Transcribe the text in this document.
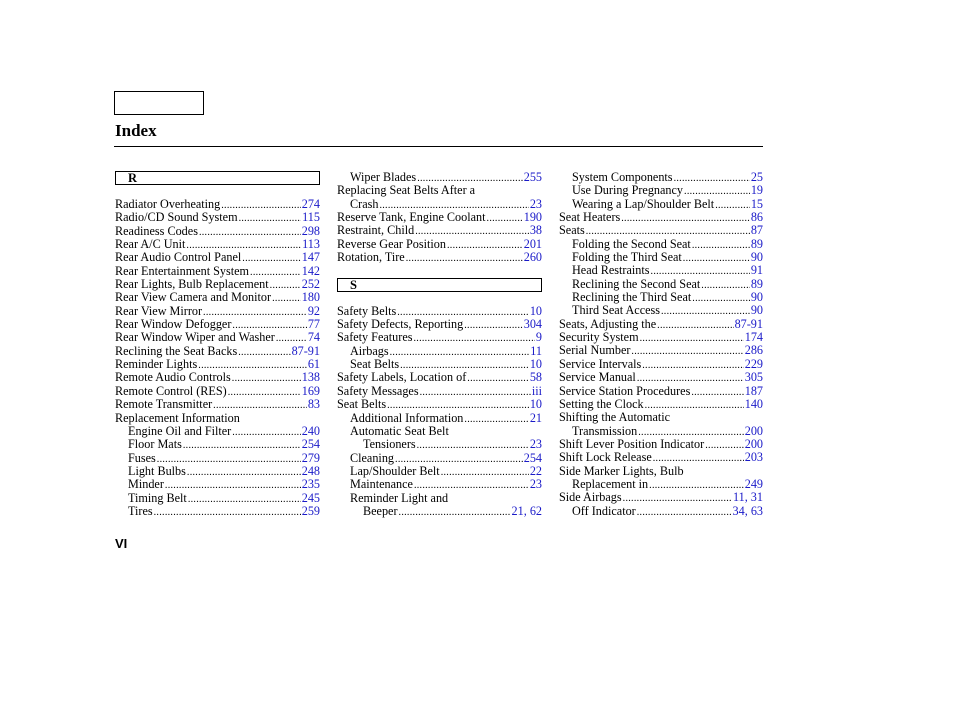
Index
R
Radiator Overheating .....	274
Radio/CD Sound System .....	115
Readiness Codes .....	298
Rear A/C Unit .....	113
Rear Audio Control Panel .....	147
Rear Entertainment System .....	142
Rear Lights, Bulb Replacement .....	252
Rear View Camera and Monitor .....	180
Rear View Mirror .....	92
Rear Window Defogger .....	77
Rear Window Wiper and Washer .....	74
Reclining the Seat Backs .....	87-91
Reminder Lights .....	61
Remote Audio Controls .....	138
Remote Control (RES) .....	169
Remote Transmitter .....	83
Replacement Information
Engine Oil and Filter .....	240
Floor Mats .....	254
Fuses .....	279
Light Bulbs .....	248
Minder .....	235
Timing Belt .....	245
Tires .....	259
Wiper Blades .....	255
Replacing Seat Belts After a
Crash .....	23
Reserve Tank, Engine Coolant .....	190
Restraint, Child .....	38
Reverse Gear Position .....	201
Rotation, Tire .....	260
S
Safety Belts .....	10
Safety Defects, Reporting .....	304
Safety Features .....	9
Airbags .....	11
Seat Belts .....	10
Safety Labels, Location of .....	58
Safety Messages .....	iii
Seat Belts .....	10
Additional Information .....	21
Automatic Seat Belt
Tensioners .....	23
Cleaning .....	254
Lap/Shoulder Belt .....	22
Maintenance .....	23
Reminder Light and
Beeper .....	21, 62
System Components .....	25
Use During Pregnancy .....	19
Wearing a Lap/Shoulder Belt .....	15
Seat Heaters .....	86
Seats .....	87
Folding the Second Seat .....	89
Folding the Third Seat .....	90
Head Restraints .....	91
Reclining the Second Seat .....	89
Reclining the Third Seat .....	90
Third Seat Access .....	90
Seats, Adjusting the .....	87-91
Security System .....	174
Serial Number .....	286
Service Intervals .....	229
Service Manual .....	305
Service Station Procedures .....	187
Setting the Clock .....	140
Shifting the Automatic
Transmission .....	200
Shift Lever Position Indicator .....	200
Shift Lock Release .....	203
Side Marker Lights, Bulb
Replacement in .....	249
Side Airbags .....	11, 31
Off Indicator .....	34, 63
VI
